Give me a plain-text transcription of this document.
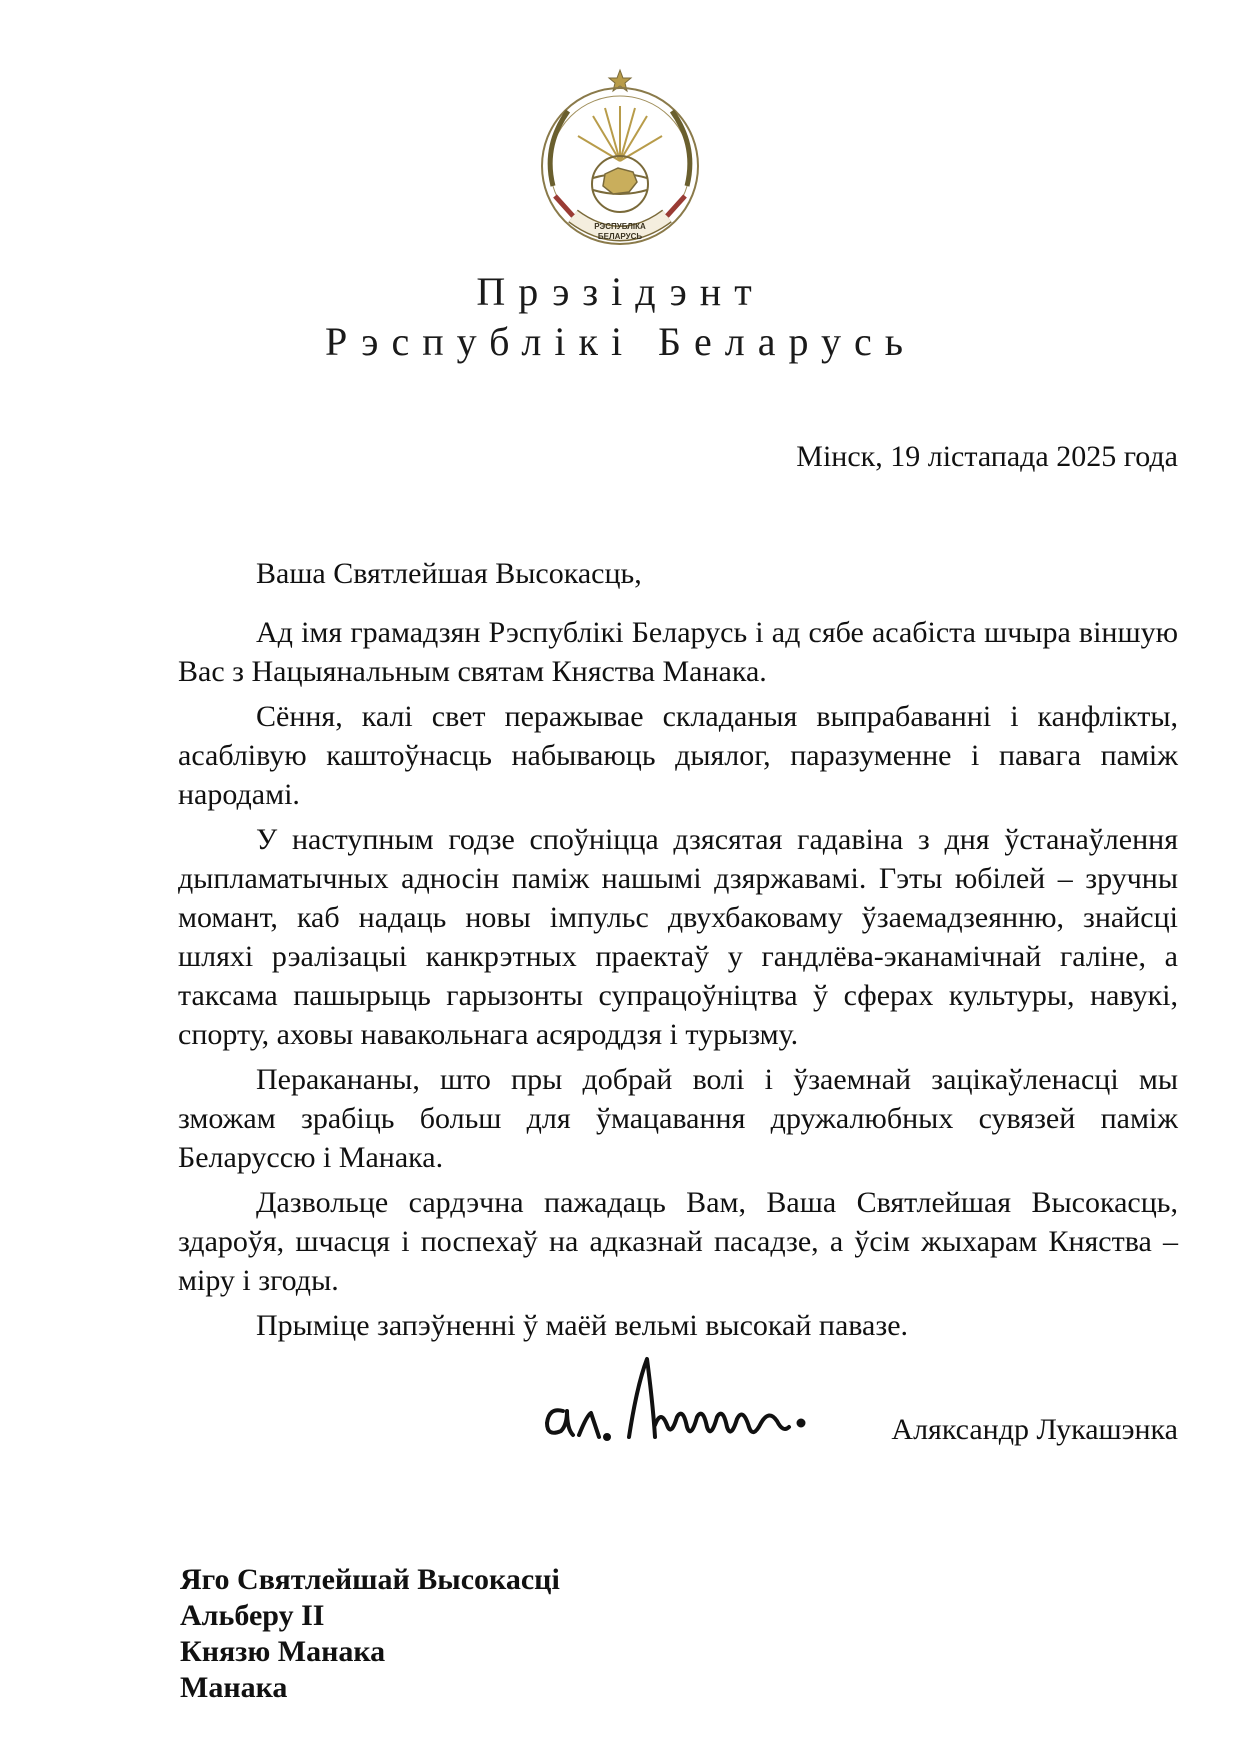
РЭСПУБЛІКА
БЕЛАРУСЬ
Прэзідэнт
Рэспублікі Беларусь
Мінск, 19 лістапада 2025 года
Ваша Святлейшая Высокасць,

Ад імя грамадзян Рэспублікі Беларусь і ад сябе асабіста шчыра віншую Вас з Нацыянальным святам Княства Манака.

Сёння, калі свет перажывае складаныя выпрабаванні і канфлікты, асаблівую каштоўнасць набываюць дыялог, паразуменне і павага паміж народамі.

У наступным годзе споўніцца дзясятая гадавіна з дня ўстанаўлення дыпламатычных адносін паміж нашымі дзяржавамі. Гэты юбілей – зручны момант, каб надаць новы імпульс двухбаковаму ўзаемадзеянню, знайсці шляхі рэалізацыі канкрэтных праектаў у гандлёва-эканамічнай галіне, а таксама пашырыць гарызонты супрацоўніцтва ў сферах культуры, навукі, спорту, аховы навакольнага асяроддзя і турызму.

Перакананы, што пры добрай волі і ўзаемнай зацікаўленасці мы зможам зрабіць больш для ўмацавання дружалюбных сувязей паміж Беларуссю і Манака.

Дазвольце сардэчна пажадаць Вам, Ваша Святлейшая Высокасць, здароўя, шчасця і поспехаў на адказнай пасадзе, а ўсім жыхарам Княства – міру і згоды.

Прыміце запэўненні ў маёй вельмі высокай павазе.

Аляксандр Лукашэнка
Яго Святлейшай Высокасці
Альберу II
Князю Манака
Манака
